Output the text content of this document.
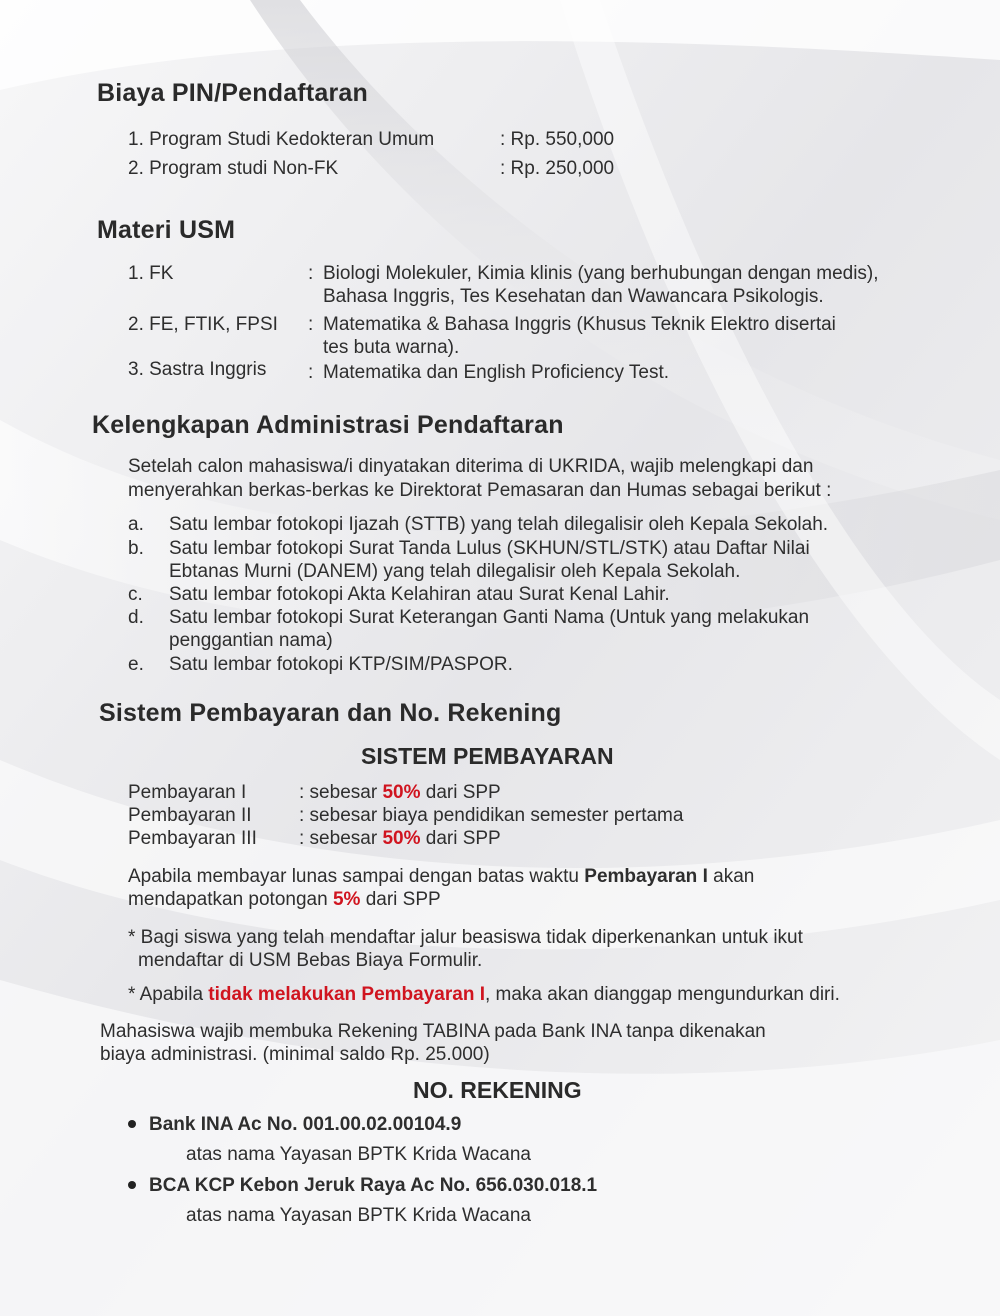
Biaya PIN/Pendaftaran
1. Program Studi Kedokteran Umum	: Rp. 550,000
2. Program studi Non-FK	: Rp. 250,000
Materi USM
1. FK	: Biologi Molekuler, Kimia klinis (yang berhubungan dengan medis),
Bahasa Inggris, Tes Kesehatan dan Wawancara Psikologis.
2. FE, FTIK, FPSI : Matematika & Bahasa Inggris (Khusus Teknik Elektro disertai
tes buta warna).
3. Sastra Inggris : Matematika dan English Proficiency Test.
Kelengkapan Administrasi Pendaftaran
Setelah calon mahasiswa/i dinyatakan diterima di UKRIDA, wajib melengkapi dan
menyerahkan berkas-berkas ke Direktorat Pemasaran dan Humas sebagai berikut :
a. Satu lembar fotokopi Ijazah (STTB) yang telah dilegalisir oleh Kepala Sekolah.
b. Satu lembar fotokopi Surat Tanda Lulus (SKHUN/STL/STK) atau Daftar Nilai
Ebtanas Murni (DANEM) yang telah dilegalisir oleh Kepala Sekolah.
c. Satu lembar fotokopi Akta Kelahiran atau Surat Kenal Lahir.
d. Satu lembar fotokopi Surat Keterangan Ganti Nama (Untuk yang melakukan
penggantian nama)
e. Satu lembar fotokopi KTP/SIM/PASPOR.
Sistem Pembayaran dan No. Rekening
SISTEM PEMBAYARAN
Pembayaran I	: sebesar 50% dari SPP
Pembayaran II : sebesar biaya pendidikan semester pertama
Pembayaran III : sebesar 50% dari SPP
Apabila membayar lunas sampai dengan batas waktu Pembayaran I akan
mendapatkan potongan 5% dari SPP
* Bagi siswa yang telah mendaftar jalur beasiswa tidak diperkenankan untuk ikut
mendaftar di USM Bebas Biaya Formulir.
* Apabila tidak melakukan Pembayaran I, maka akan dianggap mengundurkan diri.
Mahasiswa wajib membuka Rekening TABINA pada Bank INA tanpa dikenakan
biaya administrasi. (minimal saldo Rp. 25.000)
NO. REKENING
Bank INA Ac No. 001.00.02.00104.9
atas nama Yayasan BPTK Krida Wacana
BCA KCP Kebon Jeruk Raya Ac No. 656.030.018.1
atas nama Yayasan BPTK Krida Wacana
